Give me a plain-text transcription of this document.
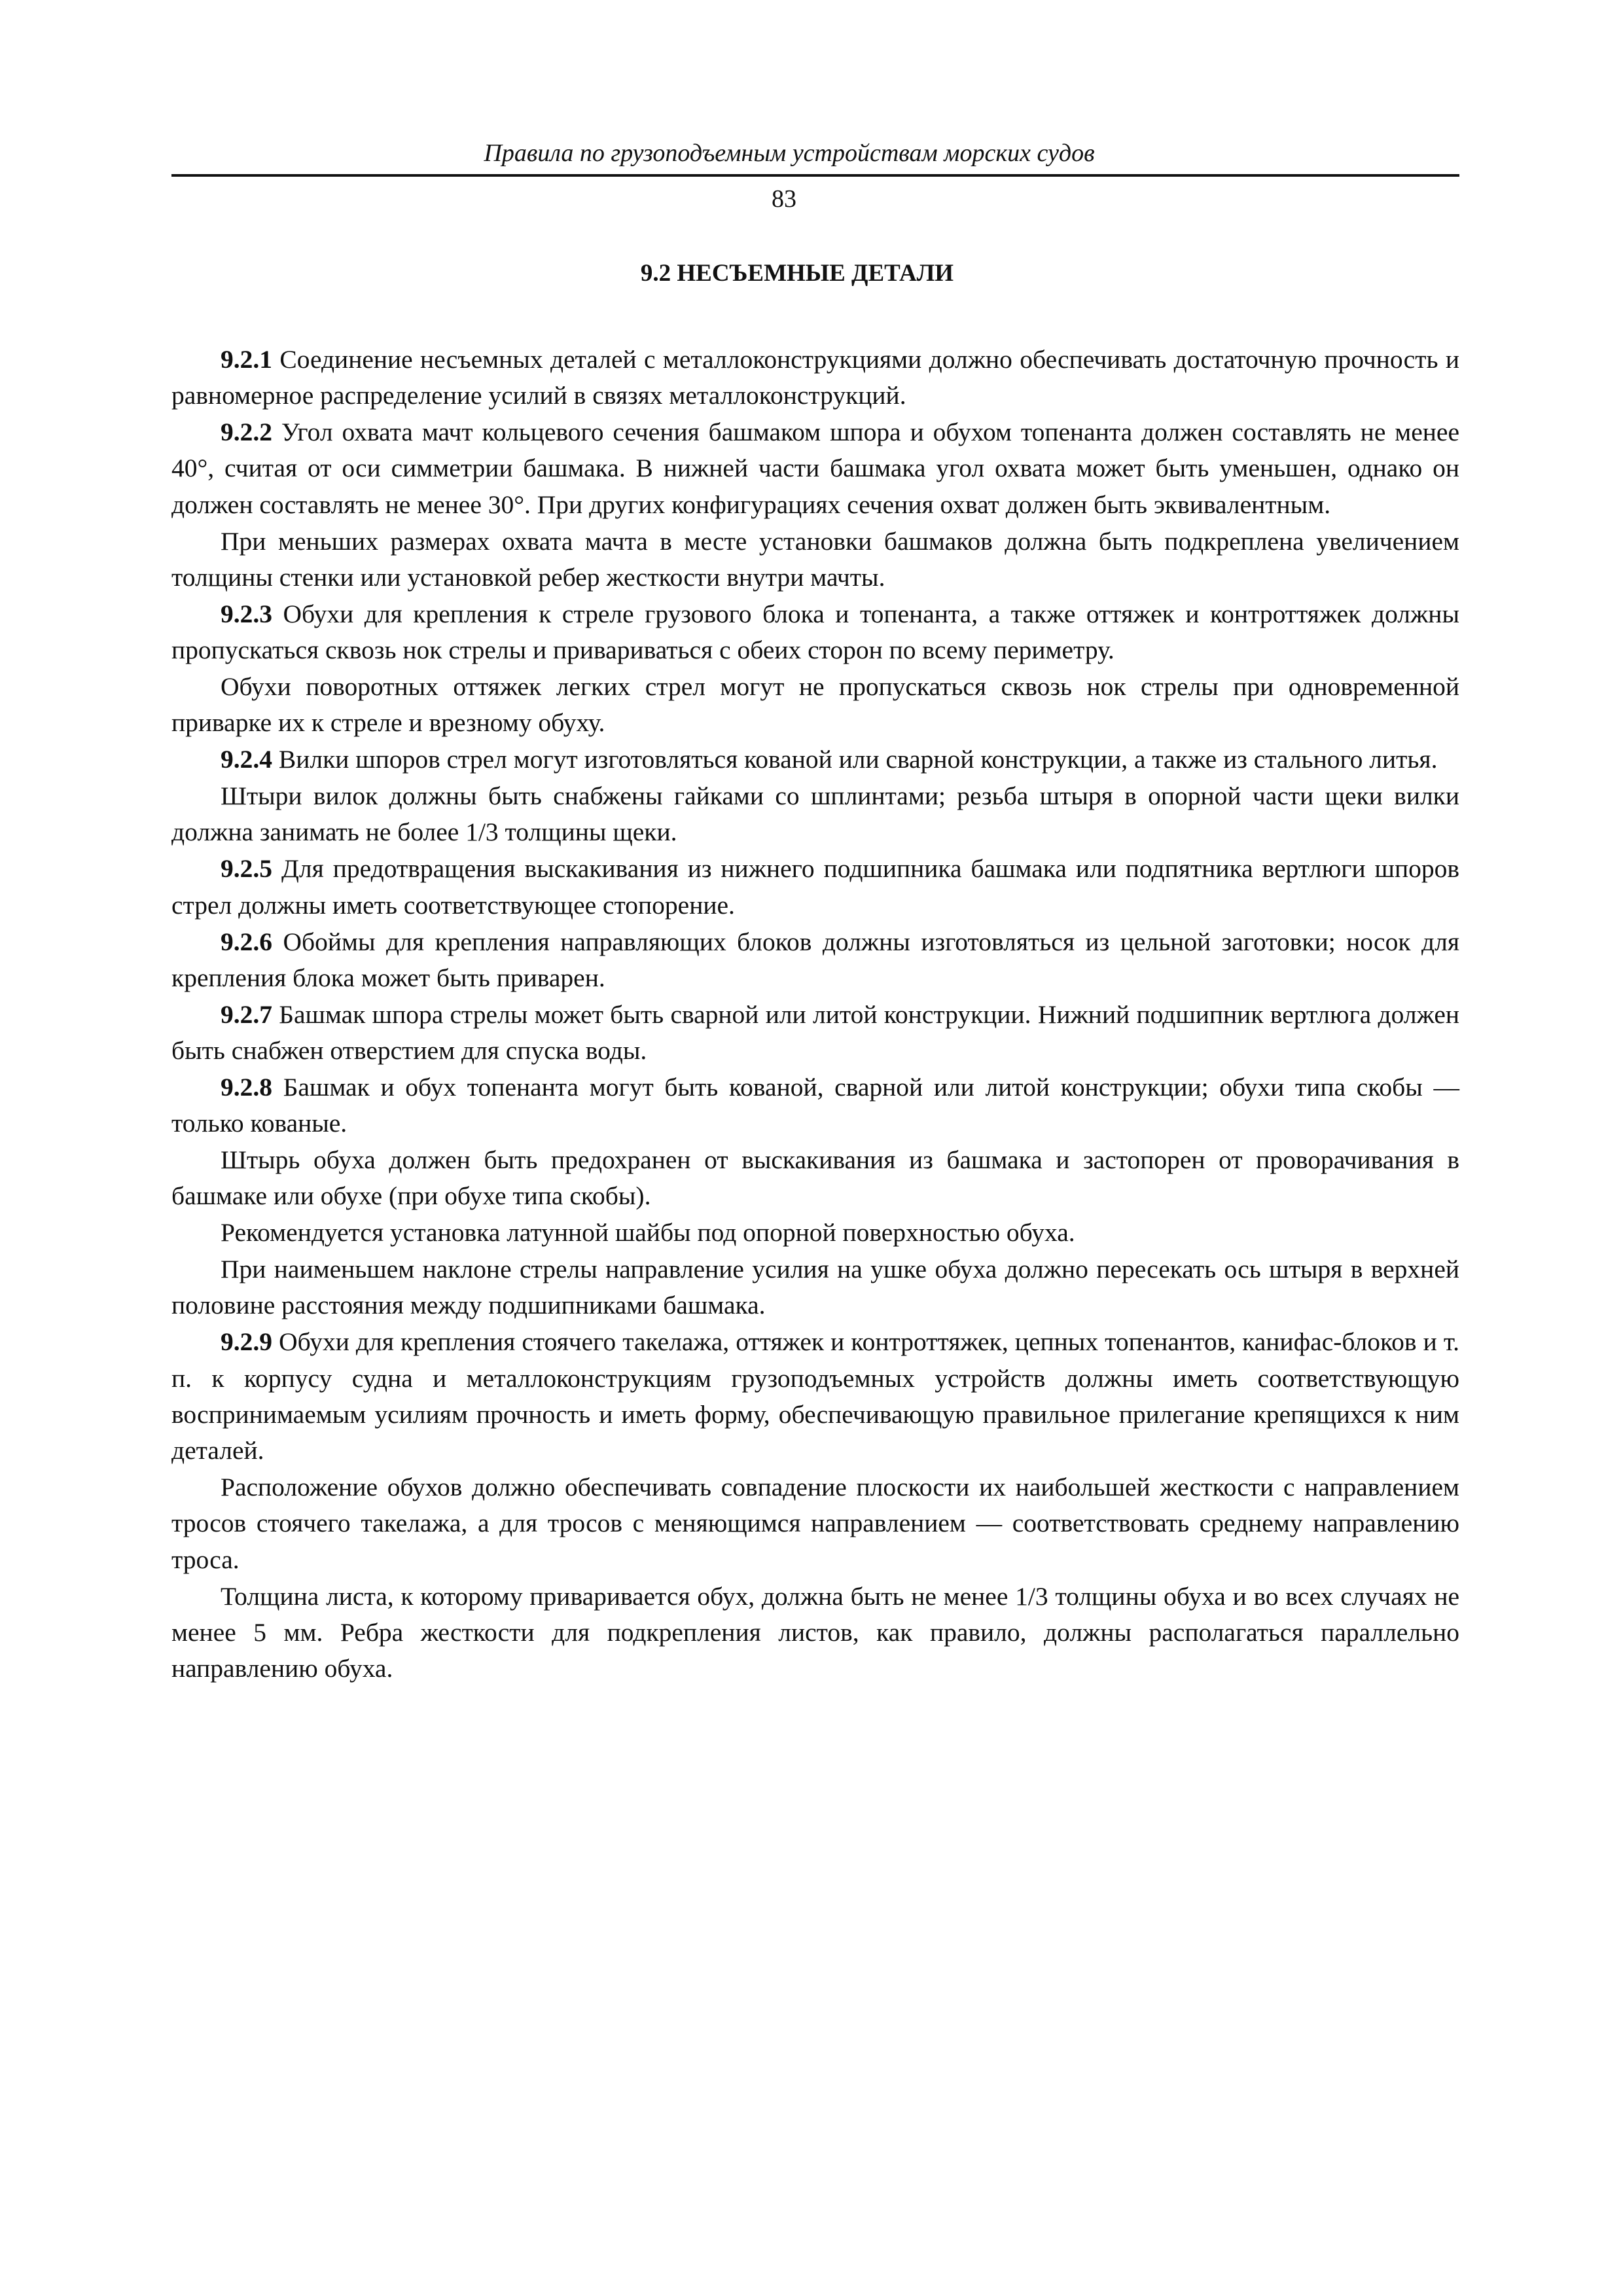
Правила по грузоподъемным устройствам морских судов
83
9.2 НЕСЪЕМНЫЕ ДЕТАЛИ

9.2.1 Соединение несъемных деталей с металлоконструкциями должно обеспечивать достаточную прочность и равномерное распределение усилий в связях металлоконструкций.

9.2.2 Угол охвата мачт кольцевого сечения башмаком шпора и обухом топенанта должен составлять не менее 40°, считая от оси симметрии башмака. В нижней части башмака угол охвата может быть уменьшен, однако он должен составлять не менее 30°. При других конфигурациях сечения охват должен быть эквивалентным.

При меньших размерах охвата мачта в месте установки башмаков должна быть подкреплена увеличением толщины стенки или установкой ребер жесткости внутри мачты.

9.2.3 Обухи для крепления к стреле грузового блока и топенанта, а также оттяжек и контроттяжек должны пропускаться сквозь нок стрелы и привариваться с обеих сторон по всему периметру.

Обухи поворотных оттяжек легких стрел могут не пропускаться сквозь нок стрелы при одновременной приварке их к стреле и врезному обуху.

9.2.4 Вилки шпоров стрел могут изготовляться кованой или сварной конструкции, а также из стального литья.

Штыри вилок должны быть снабжены гайками со шплинтами; резьба штыря в опорной части щеки вилки должна занимать не более 1/3 толщины щеки.

9.2.5 Для предотвращения выскакивания из нижнего подшипника башмака или подпятника вертлюги шпоров стрел должны иметь соответствующее стопорение.

9.2.6 Обоймы для крепления направляющих блоков должны изготовляться из цельной заготовки; носок для крепления блока может быть приварен.

9.2.7 Башмак шпора стрелы может быть сварной или литой конструкции. Нижний подшипник вертлюга должен быть снабжен отверстием для спуска воды.

9.2.8 Башмак и обух топенанта могут быть кованой, сварной или литой конструкции; обухи типа скобы — только кованые.

Штырь обуха должен быть предохранен от выскакивания из башмака и застопорен от проворачивания в башмаке или обухе (при обухе типа скобы).

Рекомендуется установка латунной шайбы под опорной поверхностью обуха.

При наименьшем наклоне стрелы направление усилия на ушке обуха должно пересекать ось штыря в верхней половине расстояния между подшипниками башмака.

9.2.9 Обухи для крепления стоячего такелажа, оттяжек и контроттяжек, цепных топенантов, канифас-блоков и т. п. к корпусу судна и металлоконструкциям грузоподъемных устройств должны иметь соответствующую воспринимаемым усилиям прочность и иметь форму, обеспечивающую правильное прилегание крепящихся к ним деталей.

Расположение обухов должно обеспечивать совпадение плоскости их наибольшей жесткости с направлением тросов стоячего такелажа, а для тросов с меняющимся направлением — соответствовать среднему направлению троса.

Толщина листа, к которому приваривается обух, должна быть не менее 1/3 толщины обуха и во всех случаях не менее 5 мм. Ребра жесткости для подкрепления листов, как правило, должны располагаться параллельно направлению обуха.
